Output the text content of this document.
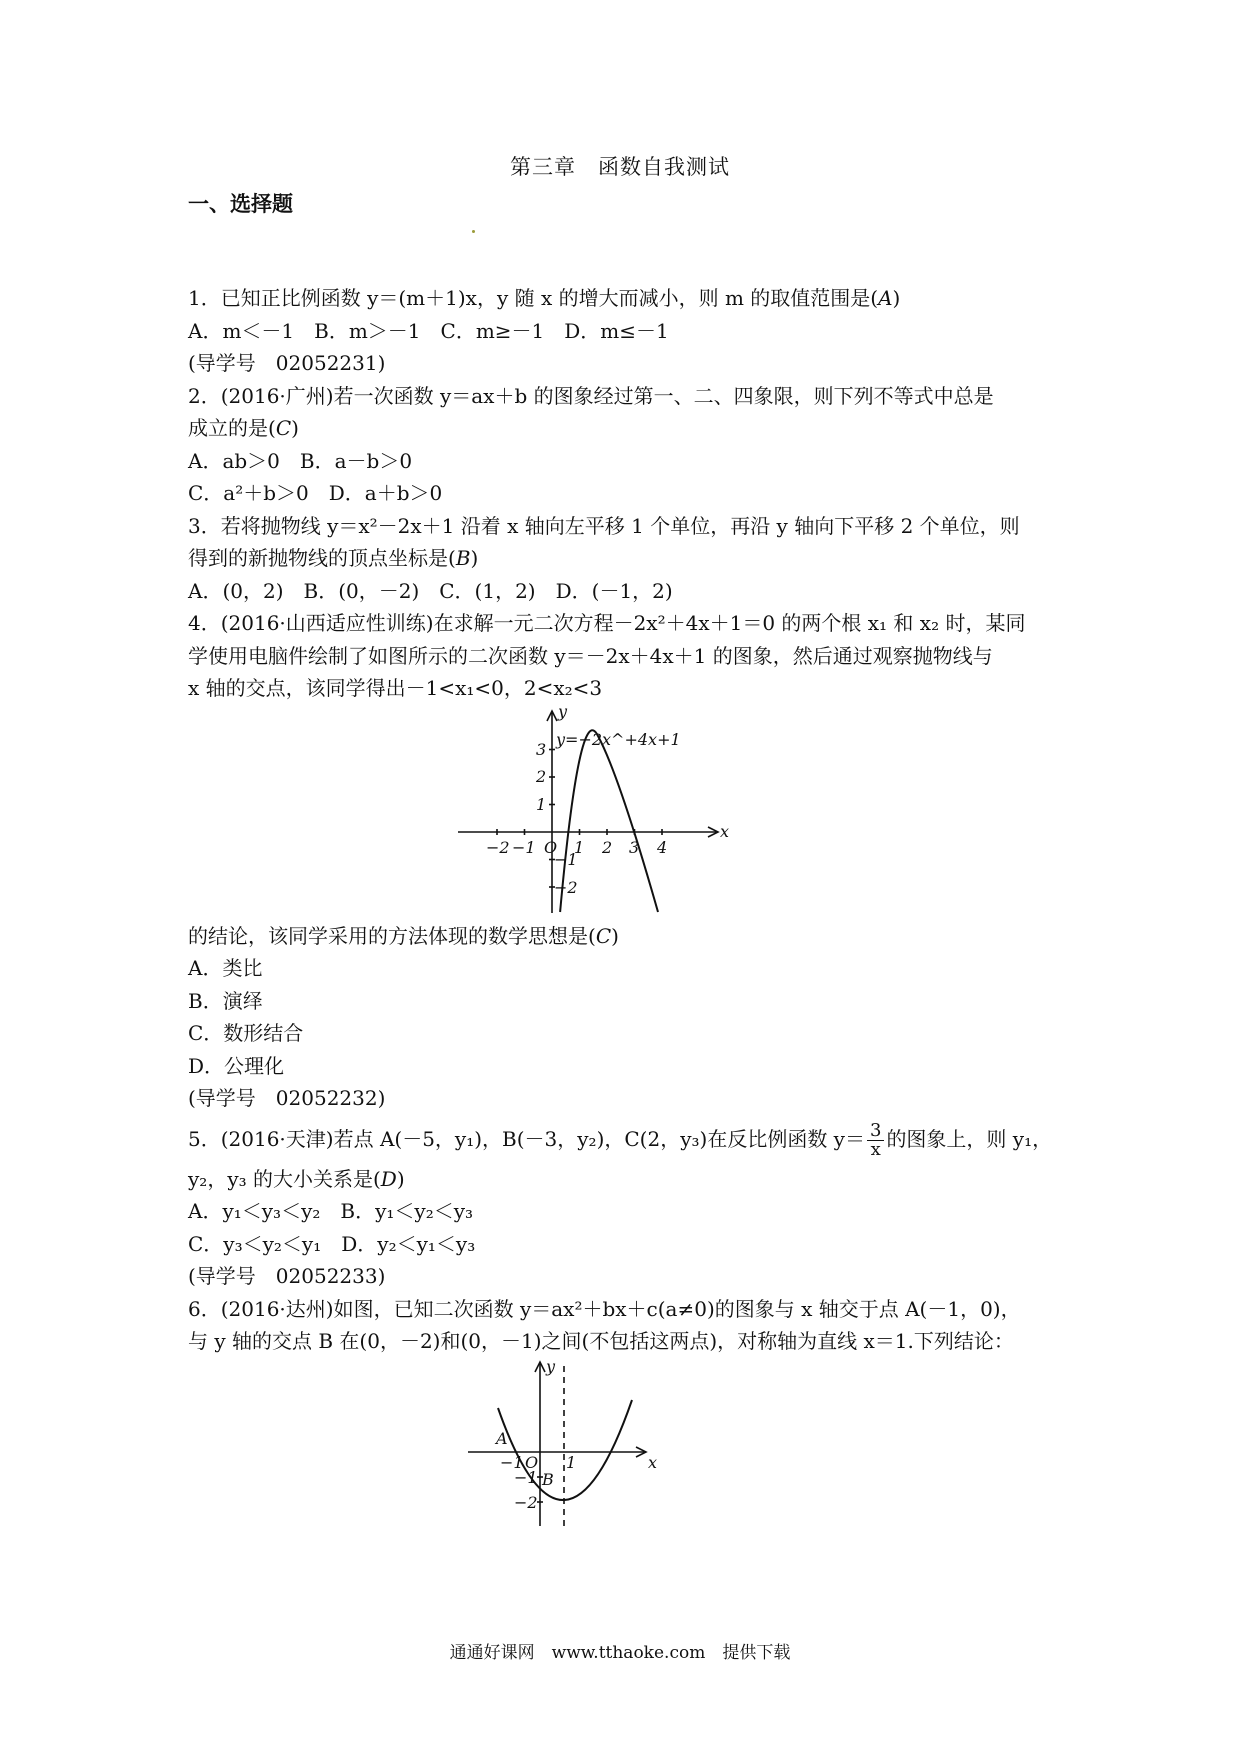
第三章　函数自我测试
一、选择题
1．已知正比例函数 y＝(m＋1)x，y 随 x 的增大而减小，则 m 的取值范围是(A)
A．m＜－1　B．m＞－1　C．m≥－1　D．m≤－1
(导学号　02052231)
2．(2016·广州)若一次函数 y＝ax＋b 的图象经过第一、二、四象限，则下列不等式中总是
成立的是(C)
A．ab＞0　B．a－b＞0
C．a²＋b＞0　D．a＋b＞0
3．若将抛物线 y＝x²－2x＋1 沿着 x 轴向左平移 1 个单位，再沿 y 轴向下平移 2 个单位，则
得到的新抛物线的顶点坐标是(B)
A．(0，2)　B．(0，－2)　C．(1，2)　D．(－1，2)
4．(2016·山西适应性训练)在求解一元二次方程－2x²＋4x＋1＝0 的两个根 x₁ 和 x₂ 时，某同
学使用电脑件绘制了如图所示的二次函数 y＝－2x＋4x＋1 的图象，然后通过观察抛物线与
x 轴的交点，该同学得出－1<x₁<0，2<x₂<3
y=−2x^+4x+1
−2 −1 O 1 2 3 4
x
y
3
2
1
−1
−2
的结论，该同学采用的方法体现的数学思想是(C)
A．类比
B．演绎
C．数形结合
D．公理化
(导学号　02052232)
5．(2016·天津)若点 A(－5，y₁)，B(－3，y₂)，C(2，y₃)在反比例函数 $y= \frac{3}{x}$ 的图象上，则 y₁，
y₂，y₃ 的大小关系是(D)
A．y₁＜y₃＜y₂　B．y₁＜y₂＜y₃
C．y₃＜y₂＜y₁　D．y₂＜y₁＜y₃
(导学号　02052233)
6．(2016·达州)如图，已知二次函数 y＝ax²＋bx＋c(a≠0)的图象与 x 轴交于点 A(－1，0)，
与 y 轴的交点 B 在(0，－2)和(0，－1)之间(不包括这两点)，对称轴为直线 x＝1.下列结论：
A
B
−1 O 1	x
y
−1
−2
通通好课网　www.tthaoke.com　提供下载
